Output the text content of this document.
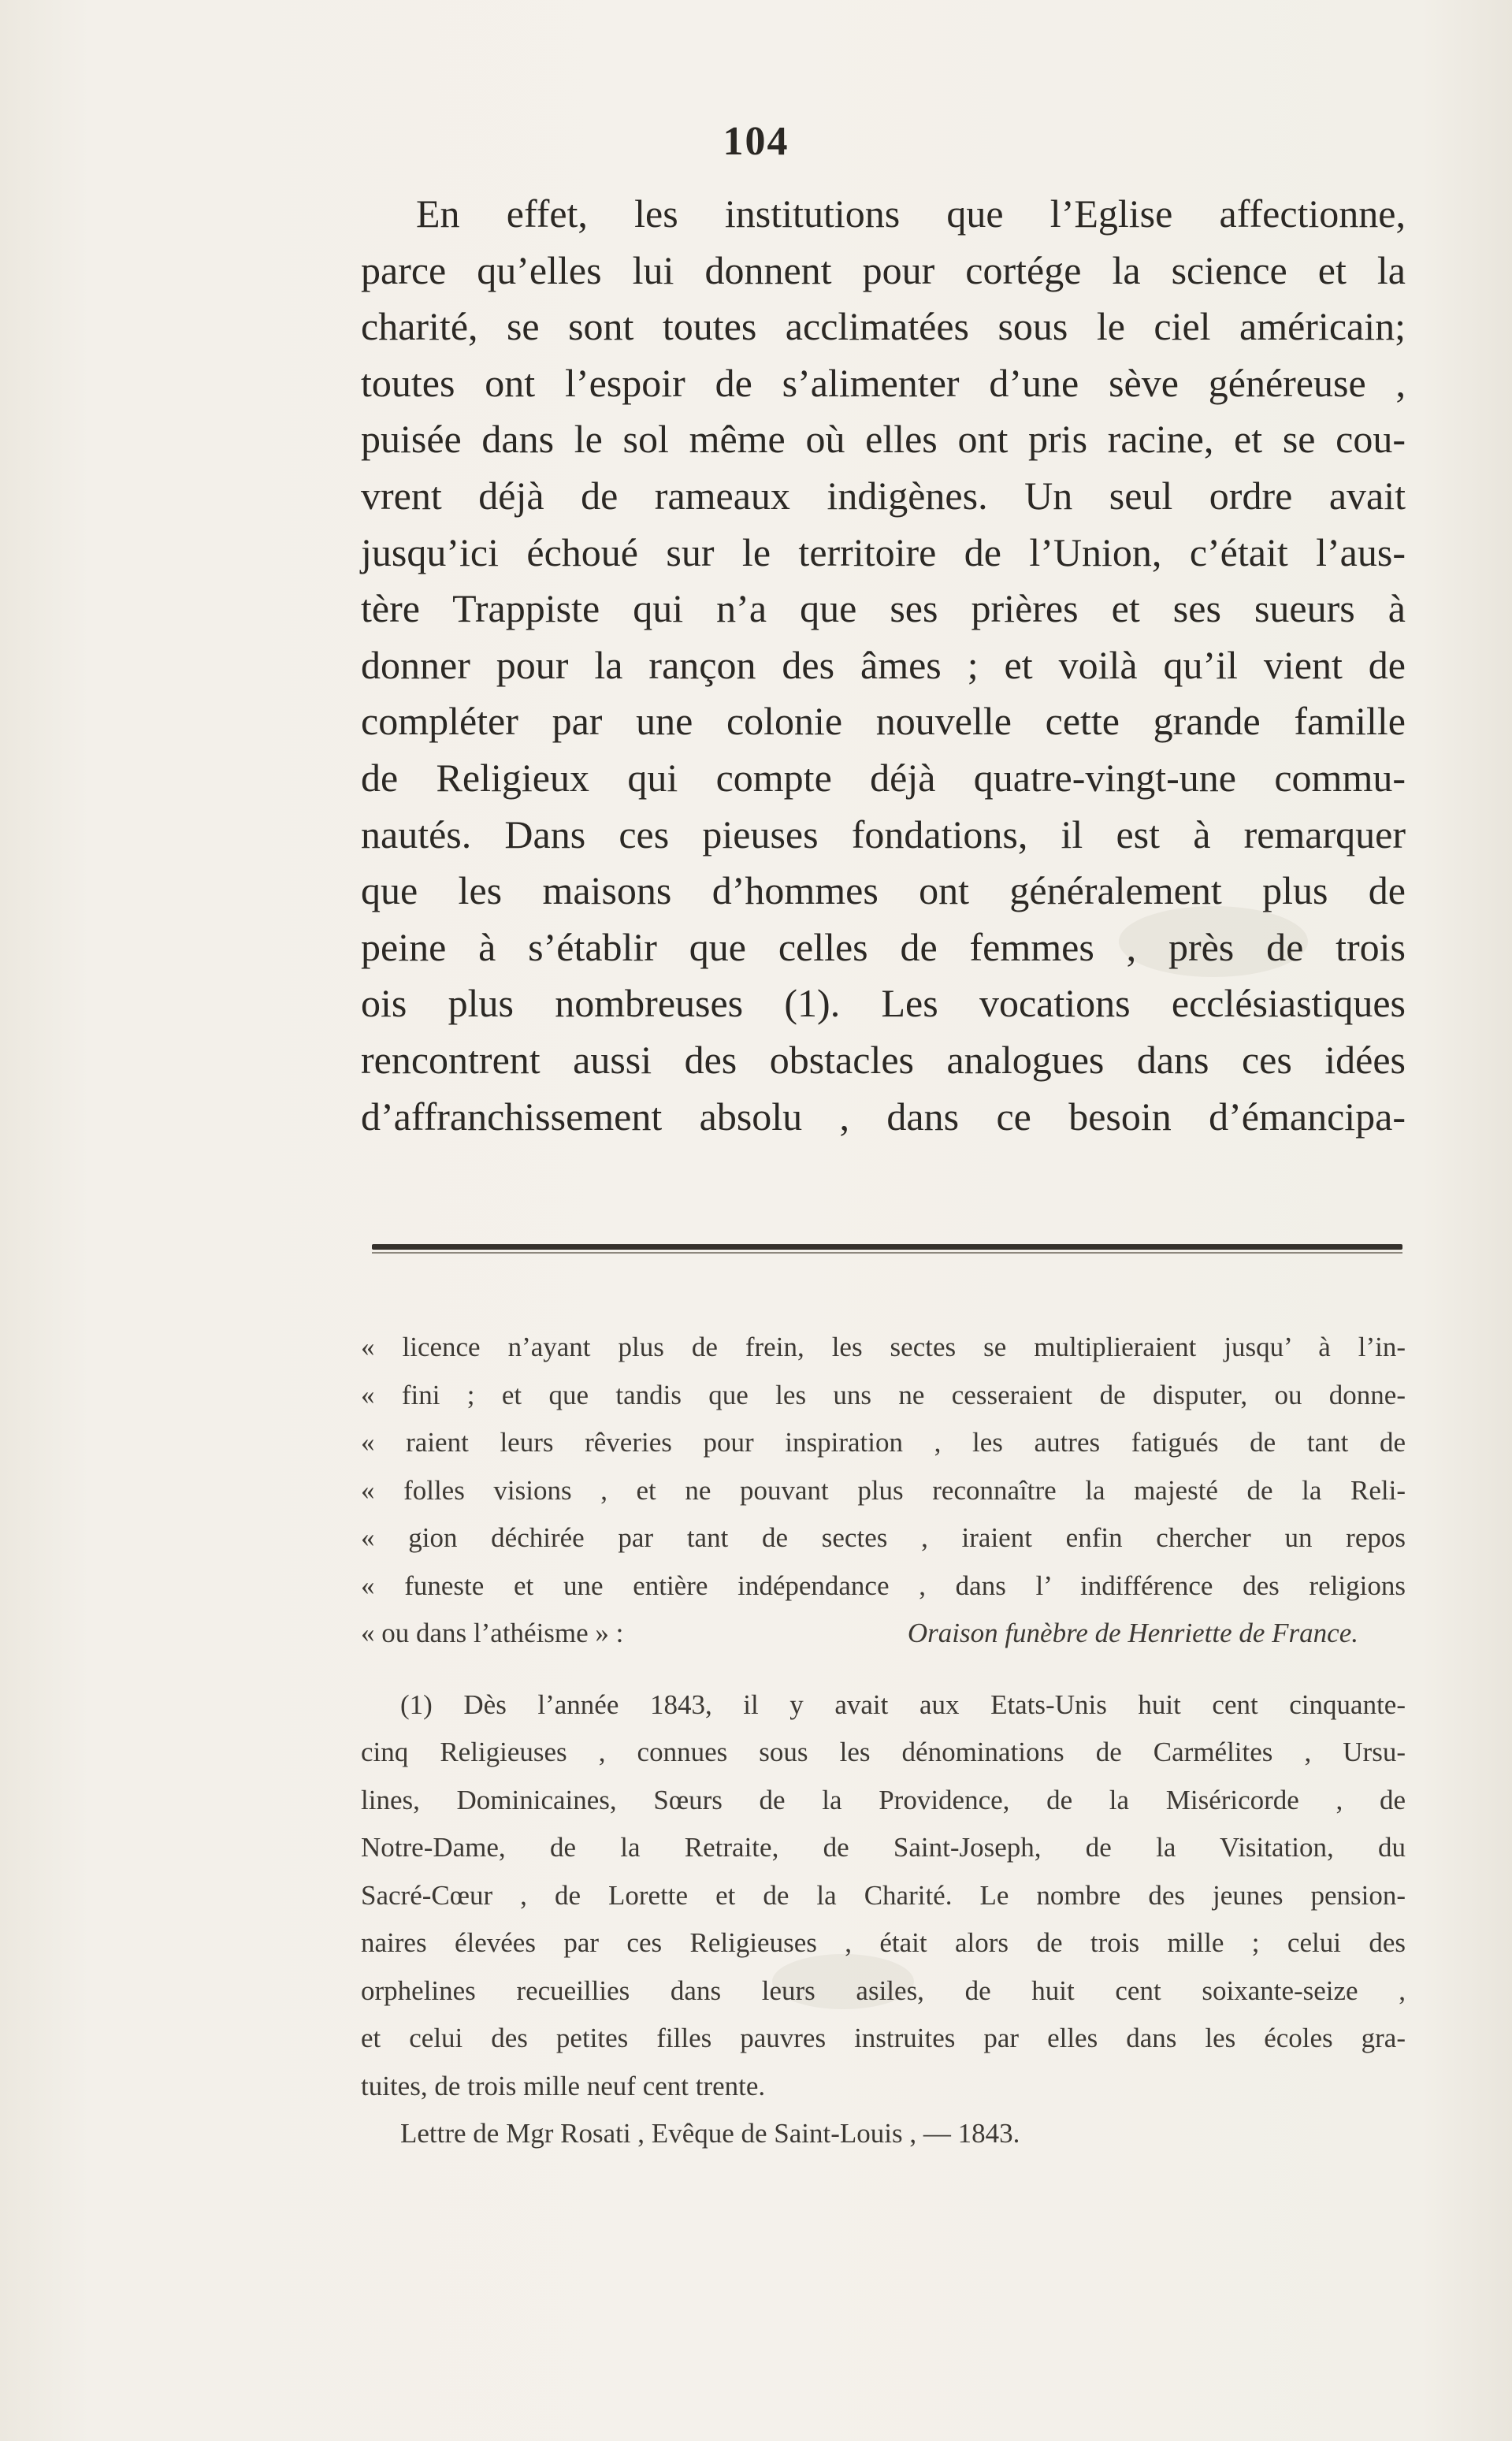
104
En effet, les institutions que l’Eglise affectionne,
parce qu’elles lui donnent pour cortége la science et la
charité, se sont toutes acclimatées sous le ciel américain;
toutes ont l’espoir de s’alimenter d’une sève généreuse ,
puisée dans le sol même où elles ont pris racine, et se cou-
vrent déjà de rameaux indigènes. Un seul ordre avait
jusqu’ici échoué sur le territoire de l’Union, c’était l’aus-
tère Trappiste qui n’a que ses prières et ses sueurs à
donner pour la rançon des âmes ; et voilà qu’il vient de
compléter par une colonie nouvelle cette grande famille
de Religieux qui compte déjà quatre-vingt-une commu-
nautés. Dans ces pieuses fondations, il est à remarquer
que les maisons d’hommes ont généralement plus de
peine à s’établir que celles de femmes , près de trois
ois plus nombreuses (1). Les vocations ecclésiastiques
rencontrent aussi des obstacles analogues dans ces idées
d’affranchissement absolu , dans ce besoin d’émancipa-
« licence n’ayant plus de frein, les sectes se multiplieraient jusqu’ à l’in-
« fini ; et que tandis que les uns ne cesseraient de disputer, ou donne-
« raient leurs rêveries pour inspiration , les autres fatigués de tant de
« folles visions , et ne pouvant plus reconnaître la majesté de la Reli-
« gion déchirée par tant de sectes , iraient enfin chercher un repos
« funeste et une entière indépendance , dans l’ indifférence des religions
« ou dans l’athéisme » :	Oraison funèbre de Henriette de France.
(1) Dès l’année 1843, il y avait aux Etats-Unis huit cent cinquante-
cinq Religieuses , connues sous les dénominations de Carmélites , Ursu-
lines, Dominicaines, Sœurs de la Providence, de la Miséricorde , de
Notre-Dame, de la Retraite, de Saint-Joseph, de la Visitation, du
Sacré-Cœur , de Lorette et de la Charité. Le nombre des jeunes pension-
naires élevées par ces Religieuses , était alors de trois mille ; celui des
orphelines recueillies dans leurs asiles, de huit cent soixante-seize ,
et celui des petites filles pauvres instruites par elles dans les écoles gra-
tuites, de trois mille neuf cent trente.
Lettre de Mgr Rosati , Evêque de Saint-Louis , — 1843.
